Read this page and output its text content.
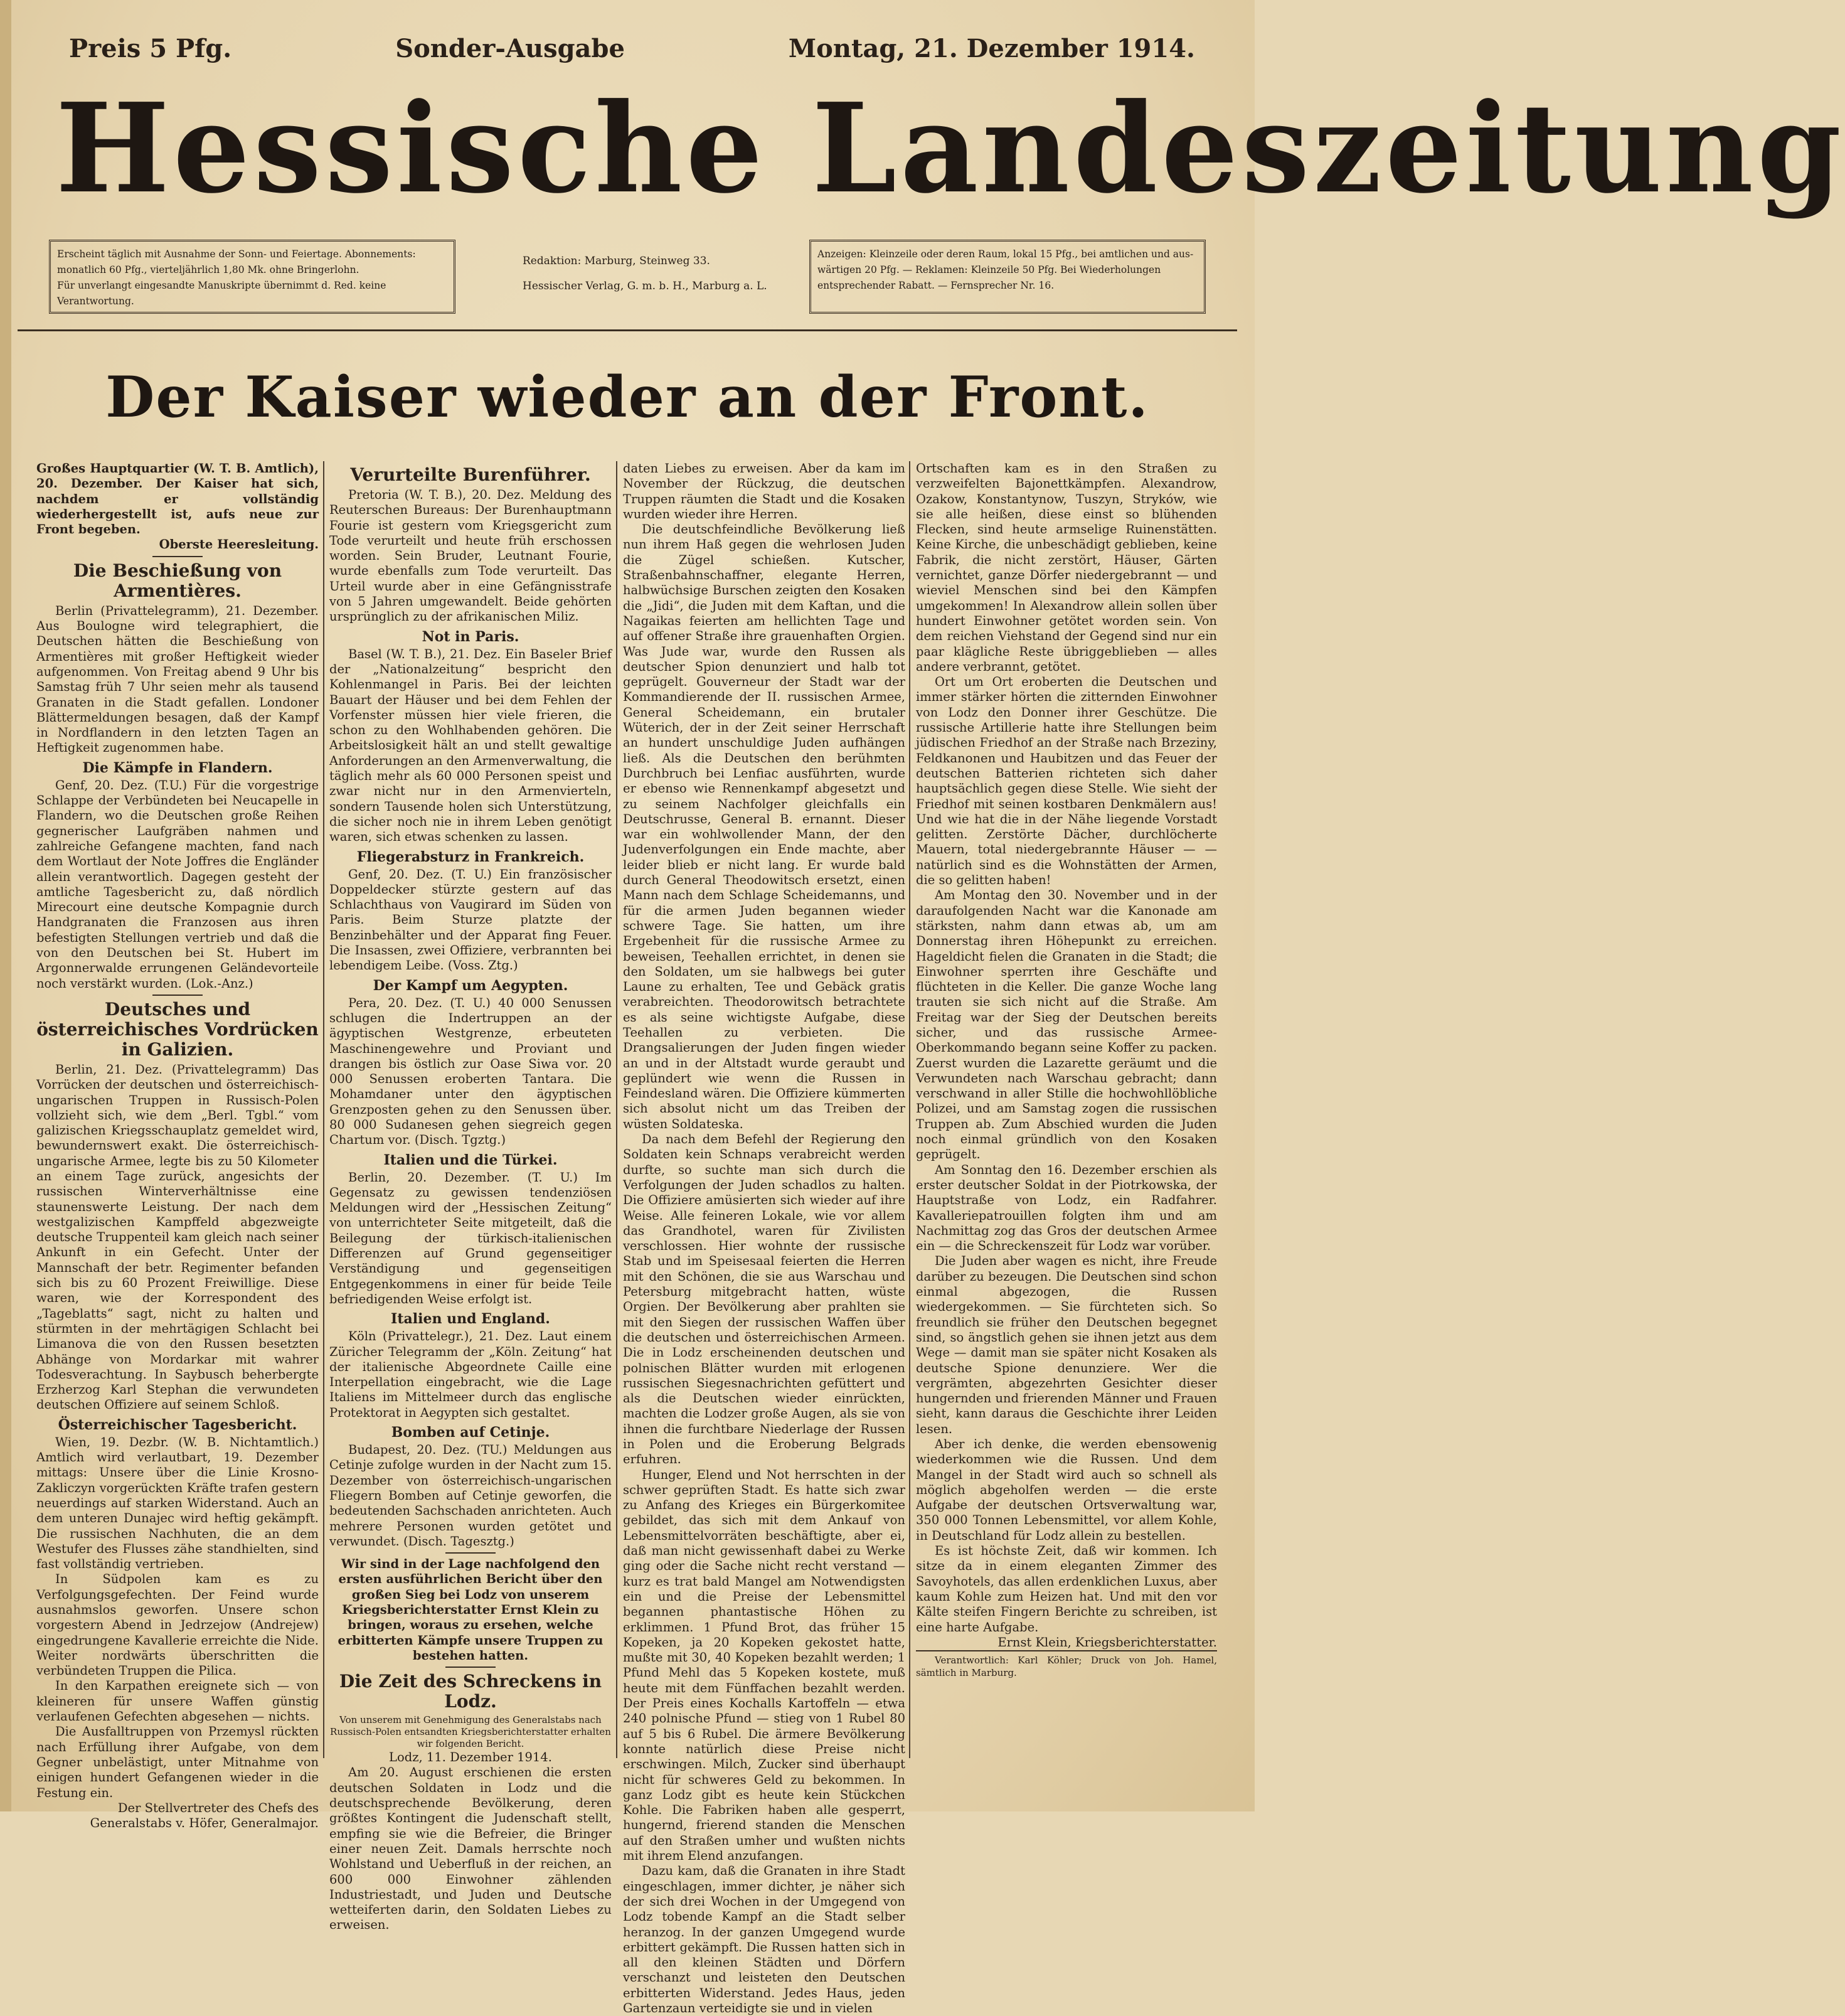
Preis 5 Pfg.	Sonder-Ausgabe	Montag, 21. Dezember 1914.
Hessische Landeszeitung
Erscheint täglich mit Ausnahme der Sonn- und Feiertage. Abonnements:
monatlich 60 Pfg., vierteljährlich 1,80 Mk. ohne Bringerlohn.
Für unverlangt eingesandte Manuskripte übernimmt d. Red. keine Verantwortung.
Redaktion: Marburg, Steinweg 33.
Hessischer Verlag, G. m. b. H., Marburg a. L.
Anzeigen: Kleinzeile oder deren Raum, lokal 15 Pfg., bei amtlichen und aus-
wärtigen 20 Pfg. — Reklamen: Kleinzeile 50 Pfg. Bei Wiederholungen
entsprechender Rabatt. — Fernsprecher Nr. 16.
Der Kaiser wieder an der Front.

Großes Hauptquartier (W. T. B. Amtlich), 20. Dezember. Der Kaiser hat sich, nachdem er vollständig wiederhergestellt ist, aufs neue zur Front begeben.

Oberste Heeresleitung.

Die Beschießung von Armentières.

Berlin (Privattelegramm), 21. Dezember. Aus Boulogne wird telegraphiert, die Deutschen hätten die Beschießung von Armentières mit großer Heftigkeit wieder aufgenommen. Von Freitag abend 9 Uhr bis Samstag früh 7 Uhr seien mehr als tausend Granaten in die Stadt gefallen. Londoner Blättermeldungen besagen, daß der Kampf in Nordflandern in den letzten Tagen an Heftigkeit zugenommen habe.

Die Kämpfe in Flandern.

Genf, 20. Dez. (T.U.) Für die vorgestrige Schlappe der Verbündeten bei Neucapelle in Flandern, wo die Deutschen große Reihen gegnerischer Laufgräben nahmen und zahlreiche Gefangene machten, fand nach dem Wortlaut der Note Joffres die Engländer allein verantwortlich. Dagegen gesteht der amtliche Tagesbericht zu, daß nördlich Mirecourt eine deutsche Kompagnie durch Handgranaten die Franzosen aus ihren befestigten Stellungen vertrieb und daß die von den Deutschen bei St. Hubert im Argonnerwalde errungenen Geländevorteile noch verstärkt wurden. (Lok.-Anz.)

Deutsches und österreichisches Vordrücken in Galizien.

Berlin, 21. Dez. (Privattelegramm) Das Vorrücken der deutschen und österreichisch-ungarischen Truppen in Russisch-Polen vollzieht sich, wie dem „Berl. Tgbl.“ vom galizischen Kriegsschauplatz gemeldet wird, bewundernswert exakt. Die österreichisch-ungarische Armee, legte bis zu 50 Kilometer an einem Tage zurück, angesichts der russischen Winterverhältnisse eine staunenswerte Leistung. Der nach dem westgalizischen Kampffeld abgezweigte deutsche Truppenteil kam gleich nach seiner Ankunft in ein Gefecht. Unter der Mannschaft der betr. Regimenter befanden sich bis zu 60 Prozent Freiwillige. Diese waren, wie der Korrespondent des „Tageblatts“ sagt, nicht zu halten und stürmten in der mehrtägigen Schlacht bei Limanova die von den Russen besetzten Abhänge von Mordarkar mit wahrer Todesverachtung. In Saybusch beherbergte Erzherzog Karl Stephan die verwundeten deutschen Offiziere auf seinem Schloß.

Österreichischer Tagesbericht.

Wien, 19. Dezbr. (W. B. Nichtamtlich.) Amtlich wird verlautbart, 19. Dezember mittags: Unsere über die Linie Krosno-Zakliczyn vorgerückten Kräfte trafen gestern neuerdings auf starken Widerstand. Auch an dem unteren Dunajec wird heftig gekämpft. Die russischen Nachhuten, die an dem Westufer des Flusses zähe standhielten, sind fast vollständig vertrieben.

In Südpolen kam es zu Verfolgungsgefechten. Der Feind wurde ausnahmslos geworfen. Unsere schon vorgestern Abend in Jedrzejow (Andrejew) eingedrungene Kavallerie erreichte die Nide. Weiter nordwärts überschritten die verbündeten Truppen die Pilica.

In den Karpathen ereignete sich — von kleineren für unsere Waffen günstig verlaufenen Gefechten abgesehen — nichts.

Die Ausfalltruppen von Przemysl rückten nach Erfüllung ihrer Aufgabe, von dem Gegner unbelästigt, unter Mitnahme von einigen hundert Gefangenen wieder in die Festung ein.

Der Stellvertreter des Chefs des Generalstabs v. Höfer, Generalmajor.

Verurteilte Burenführer.

Pretoria (W. T. B.), 20. Dez. Meldung des Reuterschen Bureaus: Der Burenhauptmann Fourie ist gestern vom Kriegsgericht zum Tode verurteilt und heute früh erschossen worden. Sein Bruder, Leutnant Fourie, wurde ebenfalls zum Tode verurteilt. Das Urteil wurde aber in eine Gefängnisstrafe von 5 Jahren umgewandelt. Beide gehörten ursprünglich zu der afrikanischen Miliz.

Not in Paris.

Basel (W. T. B.), 21. Dez. Ein Baseler Brief der „Nationalzeitung“ bespricht den Kohlenmangel in Paris. Bei der leichten Bauart der Häuser und bei dem Fehlen der Vorfenster müssen hier viele frieren, die schon zu den Wohlhabenden gehören. Die Arbeitslosigkeit hält an und stellt gewaltige Anforderungen an den Armenverwaltung, die täglich mehr als 60 000 Personen speist und zwar nicht nur in den Armenvierteln, sondern Tausende holen sich Unterstützung, die sicher noch nie in ihrem Leben genötigt waren, sich etwas schenken zu lassen.

Fliegerabsturz in Frankreich.

Genf, 20. Dez. (T. U.) Ein französischer Doppeldecker stürzte gestern auf das Schlachthaus von Vaugirard im Süden von Paris. Beim Sturze platzte der Benzinbehälter und der Apparat fing Feuer. Die Insassen, zwei Offiziere, verbrannten bei lebendigem Leibe. (Voss. Ztg.)

Der Kampf um Aegypten.

Pera, 20. Dez. (T. U.) 40 000 Senussen schlugen die Indertruppen an der ägyptischen Westgrenze, erbeuteten Maschinengewehre und Proviant und drangen bis östlich zur Oase Siwa vor. 20 000 Senussen eroberten Tantara. Die Mohamdaner unter den ägyptischen Grenzposten gehen zu den Senussen über. 80 000 Sudanesen gehen siegreich gegen Chartum vor. (Disch. Tgztg.)

Italien und die Türkei.

Berlin, 20. Dezember. (T. U.) Im Gegensatz zu gewissen tendenziösen Meldungen wird der „Hessischen Zeitung“ von unterrichteter Seite mitgeteilt, daß die Beilegung der türkisch-italienischen Differenzen auf Grund gegenseitiger Verständigung und gegenseitigen Entgegenkommens in einer für beide Teile befriedigenden Weise erfolgt ist.

Italien und England.

Köln (Privattelegr.), 21. Dez. Laut einem Züricher Telegramm der „Köln. Zeitung“ hat der italienische Abgeordnete Caille eine Interpellation eingebracht, wie die Lage Italiens im Mittelmeer durch das englische Protektorat in Aegypten sich gestaltet.

Bomben auf Cetinje.

Budapest, 20. Dez. (TU.) Meldungen aus Cetinje zufolge wurden in der Nacht zum 15. Dezember von österreichisch-ungarischen Fliegern Bomben auf Cetinje geworfen, die bedeutenden Sachschaden anrichteten. Auch mehrere Personen wurden getötet und verwundet. (Disch. Tagesztg.)

Wir sind in der Lage nachfolgend den ersten ausführlichen Bericht über den großen Sieg bei Lodz von unserem Kriegsberichterstatter Ernst Klein zu bringen, woraus zu ersehen, welche erbitterten Kämpfe unsere Truppen zu bestehen hatten.

Die Zeit des Schreckens in Lodz.

Von unserem mit Genehmigung des Generalstabs nach Russisch-Polen entsandten Kriegsberichterstatter erhalten wir folgenden Bericht.

Lodz, 11. Dezember 1914.

Am 20. August erschienen die ersten deutschen Soldaten in Lodz und die deutschsprechende Bevölkerung, deren größtes Kontingent die Judenschaft stellt, empfing sie wie die Befreier, die Bringer einer neuen Zeit. Damals herrschte noch Wohlstand und Ueberfluß in der reichen, an 600 000 Einwohner zählenden Industriestadt, und Juden und Deutsche wetteiferten darin, den Soldaten Liebes zu erweisen.

daten Liebes zu erweisen. Aber da kam im November der Rückzug, die deutschen Truppen räumten die Stadt und die Kosaken wurden wieder ihre Herren.

Die deutschfeindliche Bevölkerung ließ nun ihrem Haß gegen die wehrlosen Juden die Zügel schießen. Kutscher, Straßenbahnschaffner, elegante Herren, halbwüchsige Burschen zeigten den Kosaken die „Jidi“, die Juden mit dem Kaftan, und die Nagaikas feierten am hellichten Tage und auf offener Straße ihre grauenhaften Orgien. Was Jude war, wurde den Russen als deutscher Spion denunziert und halb tot geprügelt. Gouverneur der Stadt war der Kommandierende der II. russischen Armee, General Scheidemann, ein brutaler Wüterich, der in der Zeit seiner Herrschaft an hundert unschuldige Juden aufhängen ließ. Als die Deutschen den berühmten Durchbruch bei Lenfiac ausführten, wurde er ebenso wie Rennenkampf abgesetzt und zu seinem Nachfolger gleichfalls ein Deutschrusse, General B. ernannt. Dieser war ein wohlwollender Mann, der den Judenverfolgungen ein Ende machte, aber leider blieb er nicht lang. Er wurde bald durch General Theodowitsch ersetzt, einen Mann nach dem Schlage Scheidemanns, und für die armen Juden begannen wieder schwere Tage. Sie hatten, um ihre Ergebenheit für die russische Armee zu beweisen, Teehallen errichtet, in denen sie den Soldaten, um sie halbwegs bei guter Laune zu erhalten, Tee und Gebäck gratis verabreichten. Theodorowitsch betrachtete es als seine wichtigste Aufgabe, diese Teehallen zu verbieten. Die Drangsalierungen der Juden fingen wieder an und in der Altstadt wurde geraubt und geplündert wie wenn die Russen in Feindesland wären. Die Offiziere kümmerten sich absolut nicht um das Treiben der wüsten Soldateska.

Da nach dem Befehl der Regierung den Soldaten kein Schnaps verabreicht werden durfte, so suchte man sich durch die Verfolgungen der Juden schadlos zu halten. Die Offiziere amüsierten sich wieder auf ihre Weise. Alle feineren Lokale, wie vor allem das Grandhotel, waren für Zivilisten verschlossen. Hier wohnte der russische Stab und im Speisesaal feierten die Herren mit den Schönen, die sie aus Warschau und Petersburg mitgebracht hatten, wüste Orgien. Der Bevölkerung aber prahlten sie mit den Siegen der russischen Waffen über die deutschen und österreichischen Armeen. Die in Lodz erscheinenden deutschen und polnischen Blätter wurden mit erlogenen russischen Siegesnachrichten gefüttert und als die Deutschen wieder einrückten, machten die Lodzer große Augen, als sie von ihnen die furchtbare Niederlage der Russen in Polen und die Eroberung Belgrads erfuhren.

Hunger, Elend und Not herrschten in der schwer geprüften Stadt. Es hatte sich zwar zu Anfang des Krieges ein Bürgerkomitee gebildet, das sich mit dem Ankauf von Lebensmittelvorräten beschäftigte, aber ei, daß man nicht gewissenhaft dabei zu Werke ging oder die Sache nicht recht verstand — kurz es trat bald Mangel am Notwendigsten ein und die Preise der Lebensmittel begannen phantastische Höhen zu erklimmen. 1 Pfund Brot, das früher 15 Kopeken, ja 20 Kopeken gekostet hatte, mußte mit 30, 40 Kopeken bezahlt werden; 1 Pfund Mehl das 5 Kopeken kostete, muß heute mit dem Fünffachen bezahlt werden. Der Preis eines Kochalls Kartoffeln — etwa 240 polnische Pfund — stieg von 1 Rubel 80 auf 5 bis 6 Rubel. Die ärmere Bevölkerung konnte natürlich diese Preise nicht erschwingen. Milch, Zucker sind überhaupt nicht für schweres Geld zu bekommen. In ganz Lodz gibt es heute kein Stückchen Kohle. Die Fabriken haben alle gesperrt, hungernd, frierend standen die Menschen auf den Straßen umher und wußten nichts mit ihrem Elend anzufangen.

Dazu kam, daß die Granaten in ihre Stadt eingeschlagen, immer dichter, je näher sich der sich drei Wochen in der Umgegend von Lodz tobende Kampf an die Stadt selber heranzog. In der ganzen Umgegend wurde erbittert gekämpft. Die Russen hatten sich in all den kleinen Städten und Dörfern verschanzt und leisteten den Deutschen erbitterten Widerstand. Jedes Haus, jeden Gartenzaun verteidigte sie und in vielen

Ortschaften kam es in den Straßen zu verzweifelten Bajonettkämpfen. Alexandrow, Ozakow, Konstantynow, Tuszyn, Stryków, wie sie alle heißen, diese einst so blühenden Flecken, sind heute armselige Ruinenstätten. Keine Kirche, die unbeschädigt geblieben, keine Fabrik, die nicht zerstört, Häuser, Gärten vernichtet, ganze Dörfer niedergebrannt — und wieviel Menschen sind bei den Kämpfen umgekommen! In Alexandrow allein sollen über hundert Einwohner getötet worden sein. Von dem reichen Viehstand der Gegend sind nur ein paar klägliche Reste übriggeblieben — alles andere verbrannt, getötet.

Ort um Ort eroberten die Deutschen und immer stärker hörten die zitternden Einwohner von Lodz den Donner ihrer Geschütze. Die russische Artillerie hatte ihre Stellungen beim jüdischen Friedhof an der Straße nach Brzeziny, Feldkanonen und Haubitzen und das Feuer der deutschen Batterien richteten sich daher hauptsächlich gegen diese Stelle. Wie sieht der Friedhof mit seinen kostbaren Denkmälern aus! Und wie hat die in der Nähe liegende Vorstadt gelitten. Zerstörte Dächer, durchlöcherte Mauern, total niedergebrannte Häuser — — natürlich sind es die Wohnstätten der Armen, die so gelitten haben!

Am Montag den 30. November und in der daraufolgenden Nacht war die Kanonade am stärksten, nahm dann etwas ab, um am Donnerstag ihren Höhepunkt zu erreichen. Hageldicht fielen die Granaten in die Stadt; die Einwohner sperrten ihre Geschäfte und flüchteten in die Keller. Die ganze Woche lang trauten sie sich nicht auf die Straße. Am Freitag war der Sieg der Deutschen bereits sicher, und das russische Armee-Oberkommando begann seine Koffer zu packen. Zuerst wurden die Lazarette geräumt und die Verwundeten nach Warschau gebracht; dann verschwand in aller Stille die hochwohllöbliche Polizei, und am Samstag zogen die russischen Truppen ab. Zum Abschied wurden die Juden noch einmal gründlich von den Kosaken geprügelt.

Am Sonntag den 16. Dezember erschien als erster deutscher Soldat in der Piotrkowska, der Hauptstraße von Lodz, ein Radfahrer. Kavalleriepatrouillen folgten ihm und am Nachmittag zog das Gros der deutschen Armee ein — die Schreckenszeit für Lodz war vorüber.

Die Juden aber wagen es nicht, ihre Freude darüber zu bezeugen. Die Deutschen sind schon einmal abgezogen, die Russen wiedergekommen. — Sie fürchteten sich. So freundlich sie früher den Deutschen begegnet sind, so ängstlich gehen sie ihnen jetzt aus dem Wege — damit man sie später nicht Kosaken als deutsche Spione denunziere. Wer die vergrämten, abgezehrten Gesichter dieser hungernden und frierenden Männer und Frauen sieht, kann daraus die Geschichte ihrer Leiden lesen.

Aber ich denke, die werden ebensowenig wiederkommen wie die Russen. Und dem Mangel in der Stadt wird auch so schnell als möglich abgeholfen werden — die erste Aufgabe der deutschen Ortsverwaltung war, 350 000 Tonnen Lebensmittel, vor allem Kohle, in Deutschland für Lodz allein zu bestellen.

Es ist höchste Zeit, daß wir kommen. Ich sitze da in einem eleganten Zimmer des Savoyhotels, das allen erdenklichen Luxus, aber kaum Kohle zum Heizen hat. Und mit den vor Kälte steifen Fingern Berichte zu schreiben, ist eine harte Aufgabe.

Ernst Klein, Kriegsberichterstatter.

Verantwortlich: Karl Köhler; Druck von Joh. Hamel, sämtlich in Marburg.
